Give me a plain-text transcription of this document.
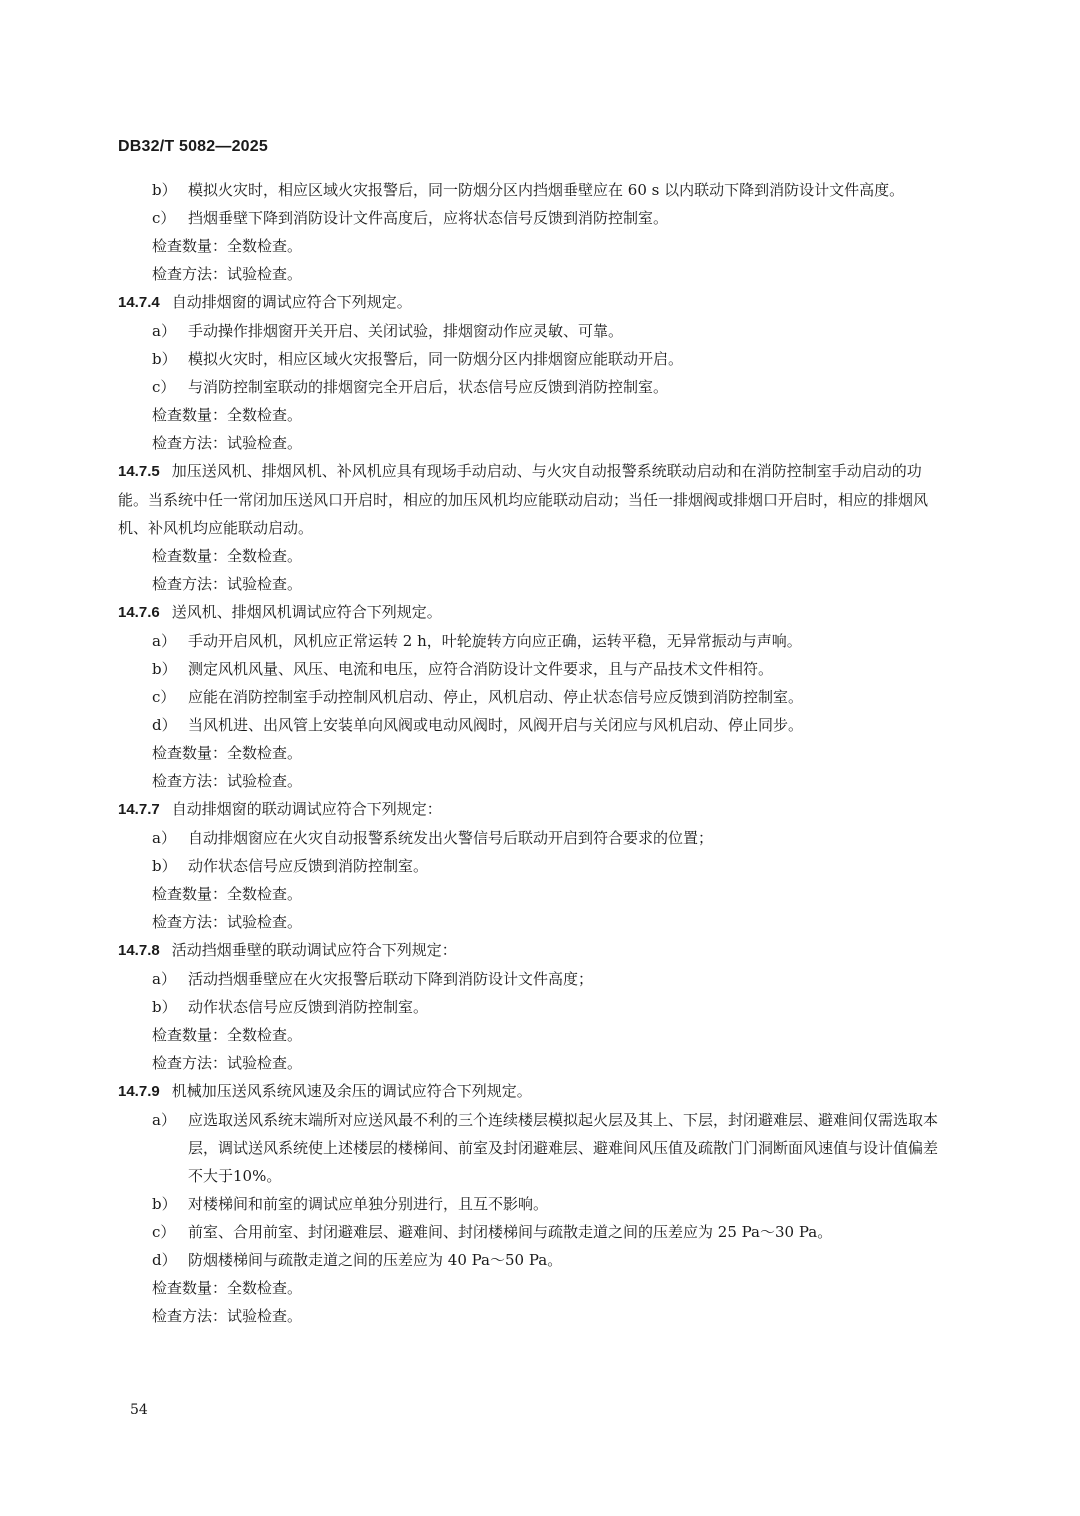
DB32/T 5082—2025
b） 模拟火灾时，相应区域火灾报警后，同一防烟分区内挡烟垂壁应在 60 s 以内联动下降到消防设计文件高度。
c） 挡烟垂壁下降到消防设计文件高度后，应将状态信号反馈到消防控制室。
检查数量：全数检查。
检查方法：试验检查。
14.7.4 自动排烟窗的调试应符合下列规定。
a） 手动操作排烟窗开关开启、关闭试验，排烟窗动作应灵敏、可靠。
b） 模拟火灾时，相应区域火灾报警后，同一防烟分区内排烟窗应能联动开启。
c） 与消防控制室联动的排烟窗完全开启后，状态信号应反馈到消防控制室。
检查数量：全数检查。
检查方法：试验检查。
14.7.5 加压送风机、排烟风机、补风机应具有现场手动启动、与火灾自动报警系统联动启动和在消防控制室手动启动的功能。当系统中任一常闭加压送风口开启时，相应的加压风机均应能联动启动；当任一排烟阀或排烟口开启时，相应的排烟风机、补风机均应能联动启动。
检查数量：全数检查。
检查方法：试验检查。
14.7.6 送风机、排烟风机调试应符合下列规定。
a） 手动开启风机，风机应正常运转 2 h，叶轮旋转方向应正确，运转平稳，无异常振动与声响。
b） 测定风机风量、风压、电流和电压，应符合消防设计文件要求，且与产品技术文件相符。
c） 应能在消防控制室手动控制风机启动、停止，风机启动、停止状态信号应反馈到消防控制室。
d） 当风机进、出风管上安装单向风阀或电动风阀时，风阀开启与关闭应与风机启动、停止同步。
检查数量：全数检查。
检查方法：试验检查。
14.7.7 自动排烟窗的联动调试应符合下列规定：
a） 自动排烟窗应在火灾自动报警系统发出火警信号后联动开启到符合要求的位置；
b） 动作状态信号应反馈到消防控制室。
检查数量：全数检查。
检查方法：试验检查。
14.7.8 活动挡烟垂壁的联动调试应符合下列规定：
a） 活动挡烟垂壁应在火灾报警后联动下降到消防设计文件高度；
b） 动作状态信号应反馈到消防控制室。
检查数量：全数检查。
检查方法：试验检查。
14.7.9 机械加压送风系统风速及余压的调试应符合下列规定。
a） 应选取送风系统末端所对应送风最不利的三个连续楼层模拟起火层及其上、下层，封闭避难层、避难间仅需选取本层，调试送风系统使上述楼层的楼梯间、前室及封闭避难层、避难间风压值及疏散门门洞断面风速值与设计值偏差不大于10%。
b） 对楼梯间和前室的调试应单独分别进行，且互不影响。
c） 前室、合用前室、封闭避难层、避难间、封闭楼梯间与疏散走道之间的压差应为 25 Pa～30 Pa。
d） 防烟楼梯间与疏散走道之间的压差应为 40 Pa～50 Pa。
检查数量：全数检查。
检查方法：试验检查。
54
